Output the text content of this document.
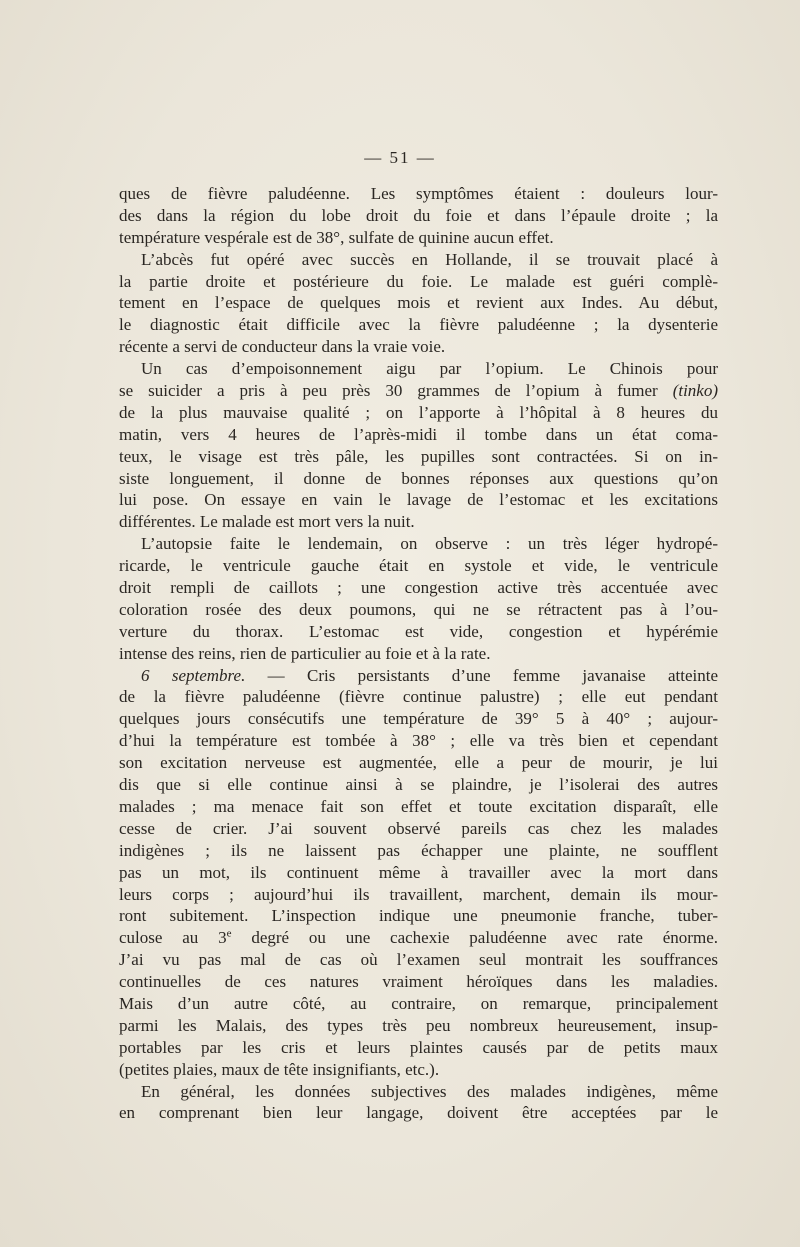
— 51 —
ques de fièvre paludéenne. Les symptômes étaient : douleurs lour-
des dans la région du lobe droit du foie et dans l’épaule droite ; la
température vespérale est de 38°, sulfate de quinine aucun effet.
L’abcès fut opéré avec succès en Hollande, il se trouvait placé à
la partie droite et postérieure du foie. Le malade est guéri complè-
tement en l’espace de quelques mois et revient aux Indes. Au début,
le diagnostic était difficile avec la fièvre paludéenne ; la dysenterie
récente a servi de conducteur dans la vraie voie.
Un cas d’empoisonnement aigu par l’opium. Le Chinois pour
se suicider a pris à peu près 30 grammes de l’opium à fumer (tinko)
de la plus mauvaise qualité ; on l’apporte à l’hôpital à 8 heures du
matin, vers 4 heures de l’après-midi il tombe dans un état coma-
teux, le visage est très pâle, les pupilles sont contractées. Si on in-
siste longuement, il donne de bonnes réponses aux questions qu’on
lui pose. On essaye en vain le lavage de l’estomac et les excitations
différentes. Le malade est mort vers la nuit.
L’autopsie faite le lendemain, on observe : un très léger hydropé-
ricarde, le ventricule gauche était en systole et vide, le ventricule
droit rempli de caillots ; une congestion active très accentuée avec
coloration rosée des deux poumons, qui ne se rétractent pas à l’ou-
verture du thorax. L’estomac est vide, congestion et hypérémie
intense des reins, rien de particulier au foie et à la rate.
6 septembre. — Cris persistants d’une femme javanaise atteinte
de la fièvre paludéenne (fièvre continue palustre) ; elle eut pendant
quelques jours consécutifs une température de 39° 5 à 40° ; aujour-
d’hui la température est tombée à 38° ; elle va très bien et cependant
son excitation nerveuse est augmentée, elle a peur de mourir, je lui
dis que si elle continue ainsi à se plaindre, je l’isolerai des autres
malades ; ma menace fait son effet et toute excitation disparaît, elle
cesse de crier. J’ai souvent observé pareils cas chez les malades
indigènes ; ils ne laissent pas échapper une plainte, ne soufflent
pas un mot, ils continuent même à travailler avec la mort dans
leurs corps ; aujourd’hui ils travaillent, marchent, demain ils mour-
ront subitement. L’inspection indique une pneumonie franche, tuber-
culose au 3e degré ou une cachexie paludéenne avec rate énorme.
J’ai vu pas mal de cas où l’examen seul montrait les souffrances
continuelles de ces natures vraiment héroïques dans les maladies.
Mais d’un autre côté, au contraire, on remarque, principalement
parmi les Malais, des types très peu nombreux heureusement, insup-
portables par les cris et leurs plaintes causés par de petits maux
(petites plaies, maux de tête insignifiants, etc.).
En général, les données subjectives des malades indigènes, même
en comprenant bien leur langage, doivent être acceptées par le
